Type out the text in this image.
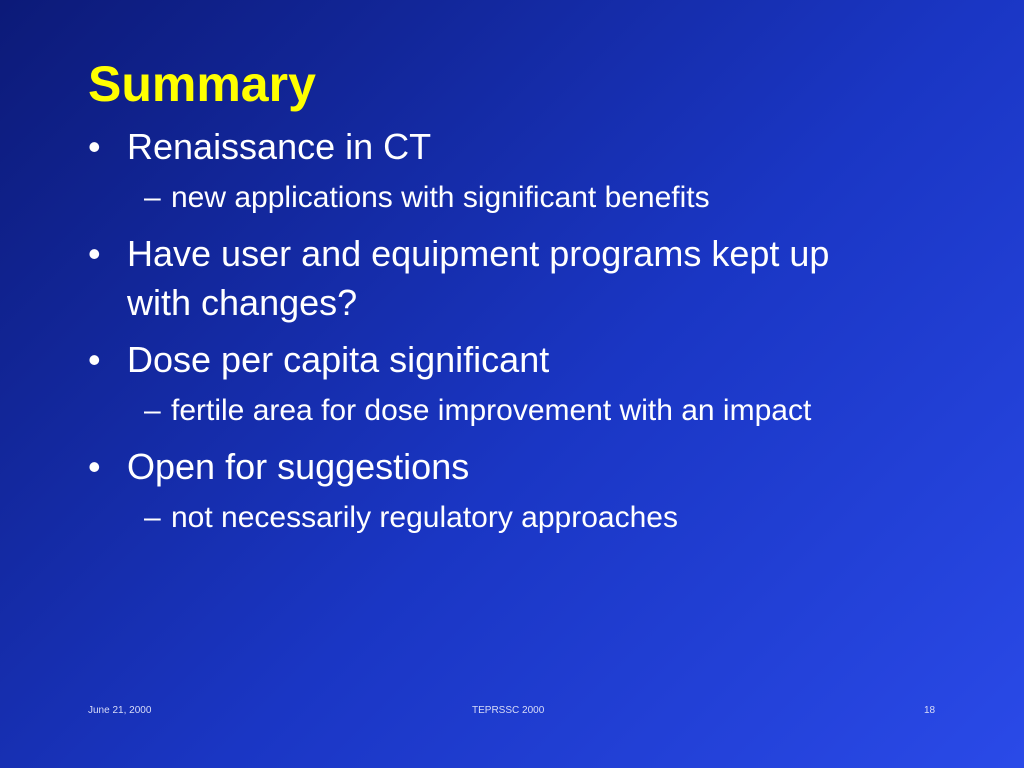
Summary
• Renaissance in CT
– new applications with significant benefits
• Have user and equipment programs kept up with changes?
• Dose per capita significant
– fertile area for dose improvement with an impact
• Open for suggestions
– not necessarily regulatory approaches
June 21, 2000	TEPRSSC 2000	18
